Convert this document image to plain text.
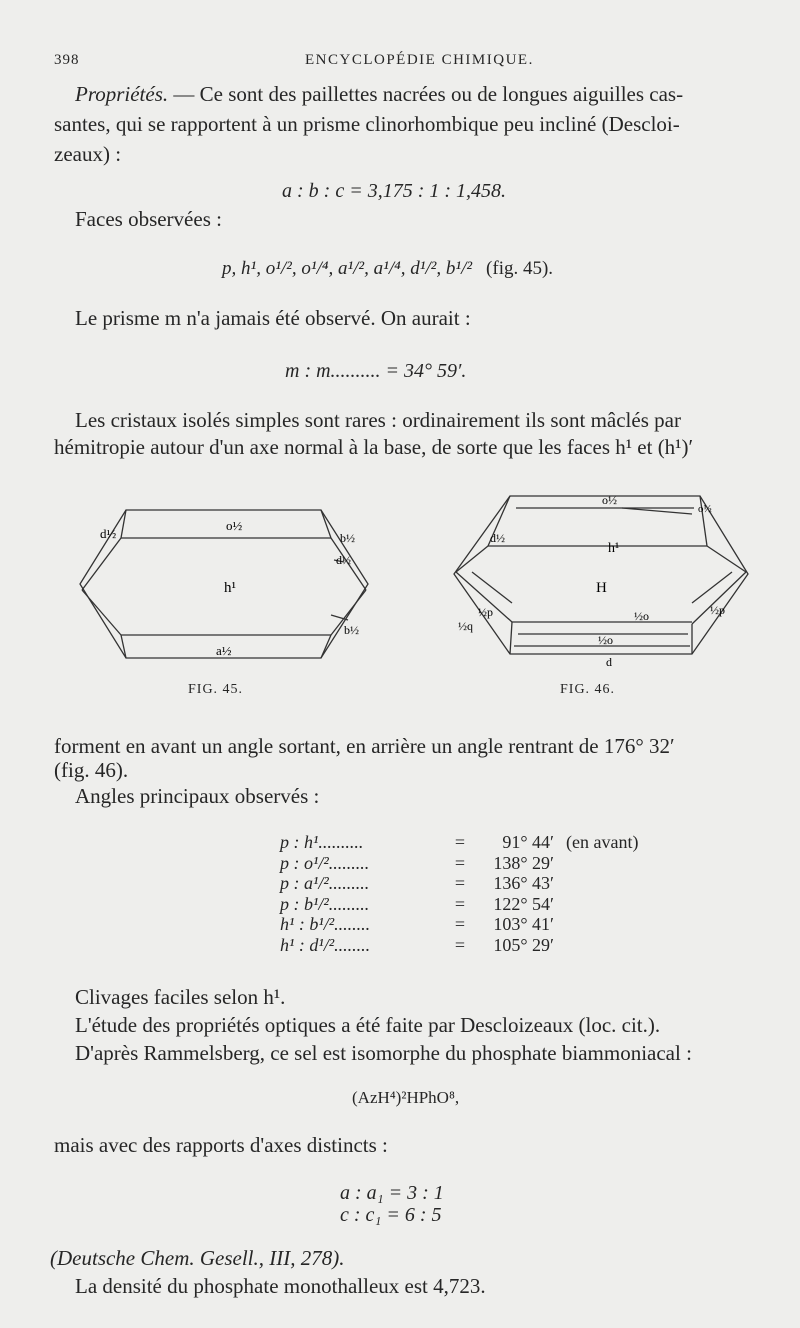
398	ENCYCLOPÉDIE CHIMIQUE.
Propriétés. — Ce sont des paillettes nacrées ou de longues aiguilles cas-
santes, qui se rapportent à un prisme clinorhombique peu incliné (Descloi-
zeaux) :
a : b : c = 3,175 : 1 : 1,458.
Faces observées :
p, h¹, o¹/², o¹/⁴, a¹/², a¹/⁴, d¹/², b¹/² (fig. 45).
Le prisme m n'a jamais été observé. On aurait :
m : m.......... = 34° 59′.
Les cristaux isolés simples sont rares : ordinairement ils sont mâclés par
hémitropie autour d'un axe normal à la base, de sorte que les faces h¹ et (h¹)′
o½
d½	b½
d½
h¹
b½
a½
FIG. 45.
o½
o½
d½
h¹
H
½p
½q
½p
½o
½o
d
FIG. 46.
forment en avant un angle sortant, en arrière un angle rentrant de 176° 32′
(fig. 46).
Angles principaux observés :
p : h¹..........	=	91° 44′ (en avant)
p : o¹/².........	=	138° 29′
p : a¹/².........	=	136° 43′
p : b¹/².........	=	122° 54′
h¹ : b¹/²........	=	103° 41′
h¹ : d¹/²........	=	105° 29′
Clivages faciles selon h¹.
L'étude des propriétés optiques a été faite par Descloizeaux (loc. cit.).
D'après Rammelsberg, ce sel est isomorphe du phosphate biammoniacal :
(AzH⁴)²HPhO⁸,
mais avec des rapports d'axes distincts :
a : a₁ = 3 : 1
c : c₁ = 6 : 5
(Deutsche Chem. Gesell., III, 278).
La densité du phosphate monothalleux est 4,723.
